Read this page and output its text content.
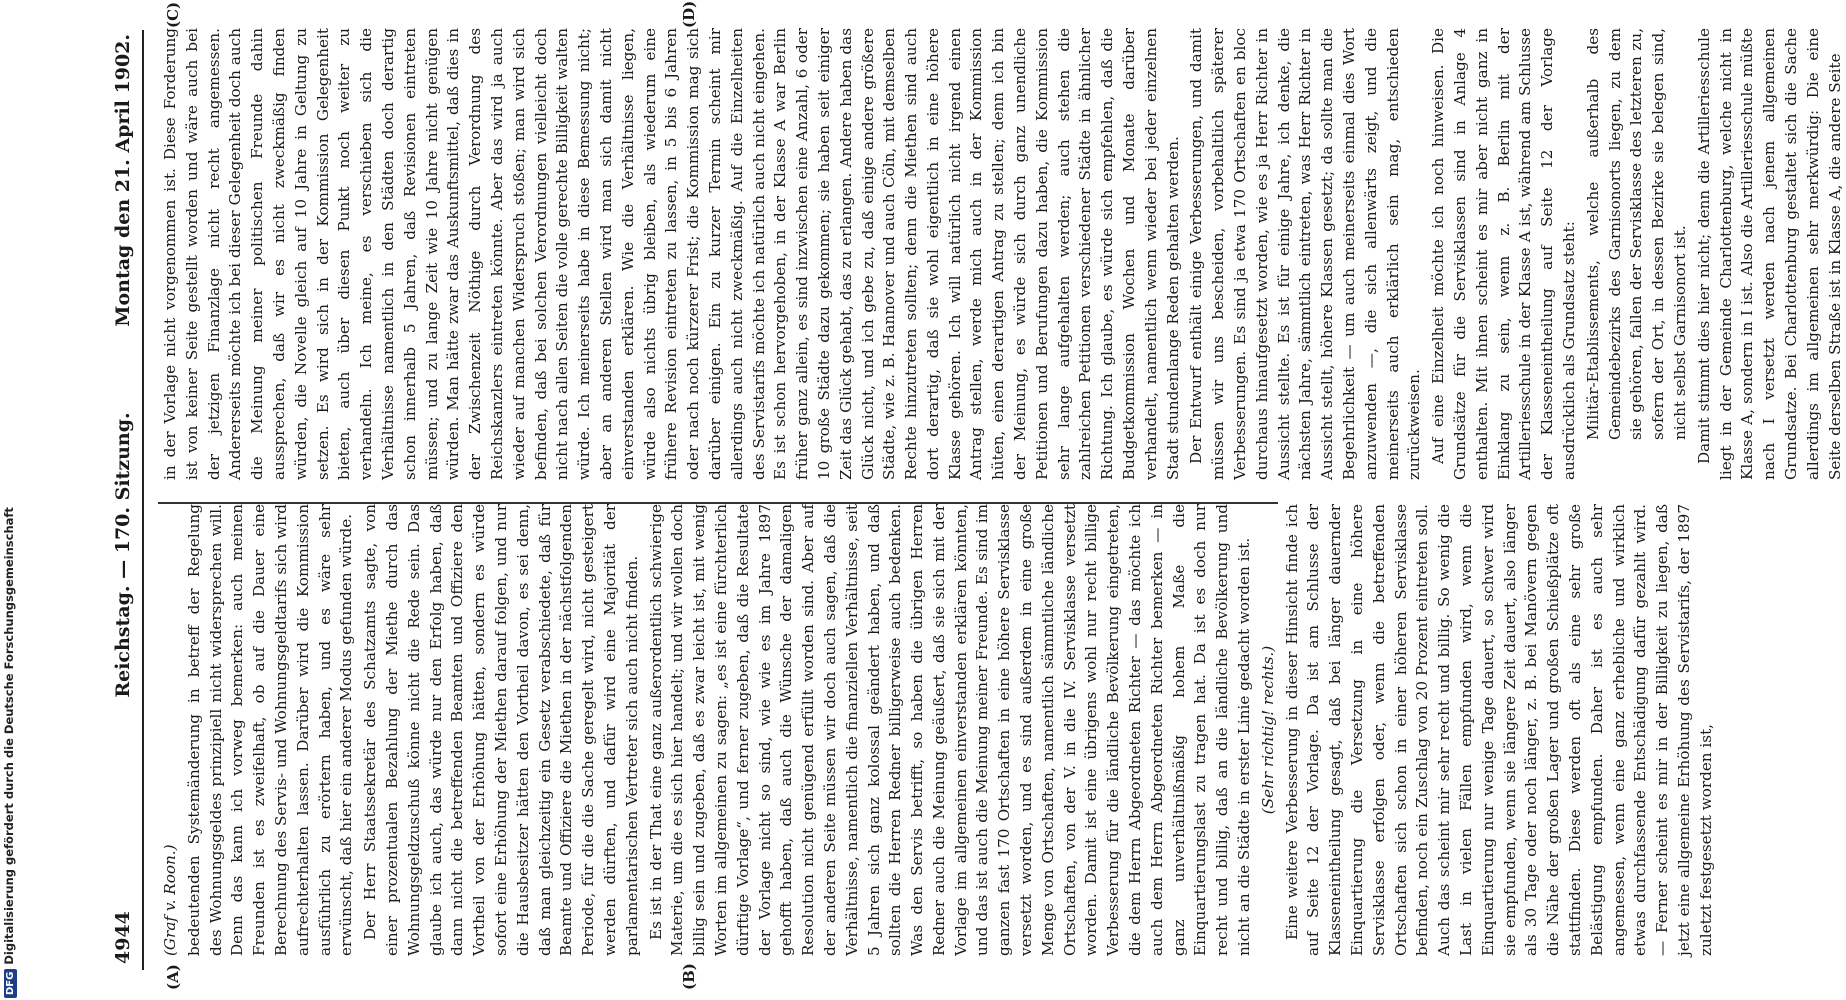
DFGDigitalisierung gefördert durch die Deutsche Forschungsgemeinschaft	4944
Reichstag. — 170. Sitzung.
Montag den 21. April 1902.
(A)	(B)
(C)	(D)
(Graf v. Roon.) bedeutenden Systemänderung in betreff der Regelung des Wohnungsgeldes prinzipiell nicht widersprechen will. Denn das kann ich vorweg bemerken: auch meinen Freunden ist es zweifelhaft, ob auf die Dauer eine Berechnung des Servis- und Wohnungsgeldtarifs sich wird aufrechterhalten lassen. Darüber wird die Kommission ausführlich zu erörtern haben, und es wäre sehr erwünscht, daß hier ein anderer Modus gefunden würde. Der Herr Staatssekretär des Schatzamts sagte, von einer prozentualen Bezahlung der Miethe durch das Wohnungsgeldzuschuß könne nicht die Rede sein. Das glaube ich auch, das würde nur den Erfolg haben, daß dann nicht die betreffenden Beamten und Offiziere den Vortheil von der Erhöhung hätten, sondern es würde sofort eine Erhöhung der Miethen darauf folgen, und nur die Hausbesitzer hätten den Vortheil davon, es sei denn, daß man gleichzeitig ein Gesetz verabschiedete, daß für Beamte und Offiziere die Miethen in der nächstfolgenden Periode, für die die Sache geregelt wird, nicht gesteigert werden dürften, und dafür wird eine Majorität der parlamentarischen Vertreter sich auch nicht finden. Es ist in der That eine ganz außerordentlich schwierige Materie, um die es sich hier handelt; und wir wollen doch billig sein und zugeben, daß es zwar leicht ist, mit wenig Worten im allgemeinen zu sagen: „es ist eine fürchterlich dürftige Vorlage“, und ferner zugeben, daß die Resultate der Vorlage nicht so sind, wie wie es im Jahre 1897 gehofft haben, daß auch die Wünsche der damaligen Resolution nicht genügend erfüllt worden sind. Aber auf der anderen Seite müssen wir doch auch sagen, daß die Verhältnisse, namentlich die finanziellen Verhältnisse, seit 5 Jahren sich ganz kolossal geändert haben, und daß sollten die Herren Redner billigerweise auch bedenken. Was den Servis betrifft, so haben die übrigen Herren Redner auch die Meinung geäußert, daß sie sich mit der Vorlage im allgemeinen einverstanden erklären könnten, und das ist auch die Meinung meiner Freunde. Es sind im ganzen fast 170 Ortschaften in eine höhere Servisklasse versetzt worden, und es sind außerdem in eine große Menge von Ortschaften, namentlich sämmtliche ländliche Ortschaften, von der V. in die IV. Servisklasse versetzt worden. Damit ist eine übrigens wohl nur recht billige Verbesserung für die ländliche Bevölkerung eingetreten, die dem Herrn Abgeordneten Richter — das möchte ich auch dem Herrn Abgeordneten Richter bemerken — in ganz unverhältnißmäßig hohem Maße die Einquartierungslast zu tragen hat. Da ist es doch nur recht und billig, daß an die ländliche Bevölkerung und nicht an die Städte in erster Linie gedacht worden ist. (Sehr richtig! rechts.) Eine weitere Verbesserung in dieser Hinsicht finde ich auf Seite 12 der Vorlage. Da ist am Schlusse der Klasseneintheilung gesagt, daß bei länger dauernder Einquartierung die Versetzung in eine höhere Servisklasse erfolgen oder, wenn die betreffenden Ortschaften sich schon in einer höheren Servisklasse befinden, noch ein Zuschlag von 20 Prozent eintreten soll. Auch das scheint mir sehr recht und billig. So wenig die Last in vielen Fällen empfunden wird, wenn die Einquartierung nur wenige Tage dauert, so schwer wird sie empfunden, wenn sie längere Zeit dauert, also länger als 30 Tage oder noch länger, z. B. bei Manövern gegen die Nähe der großen Lager und großen Schießplätze oft stattfinden. Diese werden oft als eine sehr große Belästigung empfunden. Daher ist es auch sehr angemessen, wenn eine ganz erhebliche und wirklich etwas durchfassende Entschädigung dafür gezahlt wird. — Ferner scheint es mir in der Billigkeit zu liegen, daß jetzt eine allgemeine Erhöhung des Servistarifs, der 1897 zuletzt festgesetzt worden ist,

in der Vorlage nicht vorgenommen ist. Diese Forderung ist von keiner Seite gestellt worden und wäre auch bei der jetzigen Finanzlage nicht recht angemessen. Andererseits möchte ich bei dieser Gelegenheit doch auch die Meinung meiner politischen Freunde dahin aussprechen, daß wir es nicht zweckmäßig finden würden, die Novelle gleich auf 10 Jahre in Geltung zu setzen. Es wird sich in der Kommission Gelegenheit bieten, auch über diesen Punkt noch weiter zu verhandeln. Ich meine, es verschieben sich die Verhältnisse namentlich in den Städten doch derartig schon innerhalb 5 Jahren, daß Revisionen eintreten müssen; und zu lange Zeit wie 10 Jahre nicht genügen würden. Man hätte zwar das Auskunftsmittel, daß dies in der Zwischenzeit Nöthige durch Verordnung des Reichskanzlers eintreten könnte. Aber das wird ja auch wieder auf manchen Widerspruch stoßen; man wird sich befinden, daß bei solchen Verordnungen vielleicht doch nicht nach allen Seiten die volle gerechte Billigkeit walten würde. Ich meinerseits habe in diese Bemessung nicht; aber an anderen Stellen wird man sich damit nicht einverstanden erklären. Wie die Verhältnisse liegen, würde also nichts übrig bleiben, als wiederum eine frühere Revision eintreten zu lassen, in 5 bis 6 Jahren oder nach noch kürzerer Frist; die Kommission mag sich darüber einigen. Ein zu kurzer Termin scheint mir allerdings auch nicht zweckmäßig. Auf die Einzelheiten des Servistarifs möchte ich natürlich auch nicht eingehen. Es ist schon hervorgehoben, in der Klasse A war Berlin früher ganz allein, es sind inzwischen eine Anzahl, 6 oder 10 große Städte dazu gekommen; sie haben seit einiger Zeit das Glück gehabt, das zu erlangen. Andere haben das Glück nicht, und ich gebe zu, daß einige andere größere Städte, wie z. B. Hannover und auch Cöln, mit demselben Rechte hinzutreten sollten; denn die Miethen sind auch dort derartig, daß sie wohl eigentlich in eine höhere Klasse gehören. Ich will natürlich nicht irgend einen Antrag stellen, werde mich auch in der Kommission hüten, einen derartigen Antrag zu stellen; denn ich bin der Meinung, es würde sich durch ganz unendliche Petitionen und Berufungen dazu haben, die Kommission sehr lange aufgehalten werden; auch stehen die zahlreichen Petitionen verschiedener Städte in ähnlicher Richtung. Ich glaube, es würde sich empfehlen, daß die Budgetkommission Wochen und Monate darüber verhandelt, namentlich wenn wieder bei jeder einzelnen Stadt stundenlange Reden gehalten werden. Der Entwurf enthält einige Verbesserungen, und damit müssen wir uns bescheiden, vorbehaltlich späterer Verbesserungen. Es sind ja etwa 170 Ortschaften en bloc durchaus hinaufgesetzt worden, wie es ja Herr Richter in Aussicht stellte. Es ist für einige Jahre, ich denke, die nächsten Jahre, sämmtlich eintreten, was Herr Richter in Aussicht stellt, höhere Klassen gesetzt; da sollte man die Begehrlichkeit — um auch meinerseits einmal dies Wort anzuwenden —, die sich allenwärts zeigt, und die meinerseits auch erklärlich sein mag, entschieden zurückweisen. Auf eine Einzelheit möchte ich noch hinweisen. Die Grundsätze für die Servisklassen sind in Anlage 4 enthalten. Mit ihnen scheint es mir aber nicht ganz in Einklang zu sein, wenn z. B. Berlin mit der Artilleriesschule in der Klasse A ist, während am Schlusse der Klasseneintheilung auf Seite 12 der Vorlage ausdrücklich als Grundsatz steht: Militär-Etablissements, welche außerhalb des Gemeindebezirks des Garnisonorts liegen, zu dem sie gehören, fallen der Servisklasse des letzteren zu, sofern der Ort, in dessen Bezirke sie belegen sind, nicht selbst Garnisonort ist. Damit stimmt dies hier nicht; denn die Artilleriesschule liegt in der Gemeinde Charlottenburg, welche nicht in Klasse A, sondern in I ist. Also die Artilleriesschule müßte nach I versetzt werden nach jenem allgemeinen Grundsatze. Bei Charlottenburg gestaltet sich die Sache allerdings im allgemeinen sehr merkwürdig: Die eine Seite derselben Straße ist in Klasse A, die andere Seite
